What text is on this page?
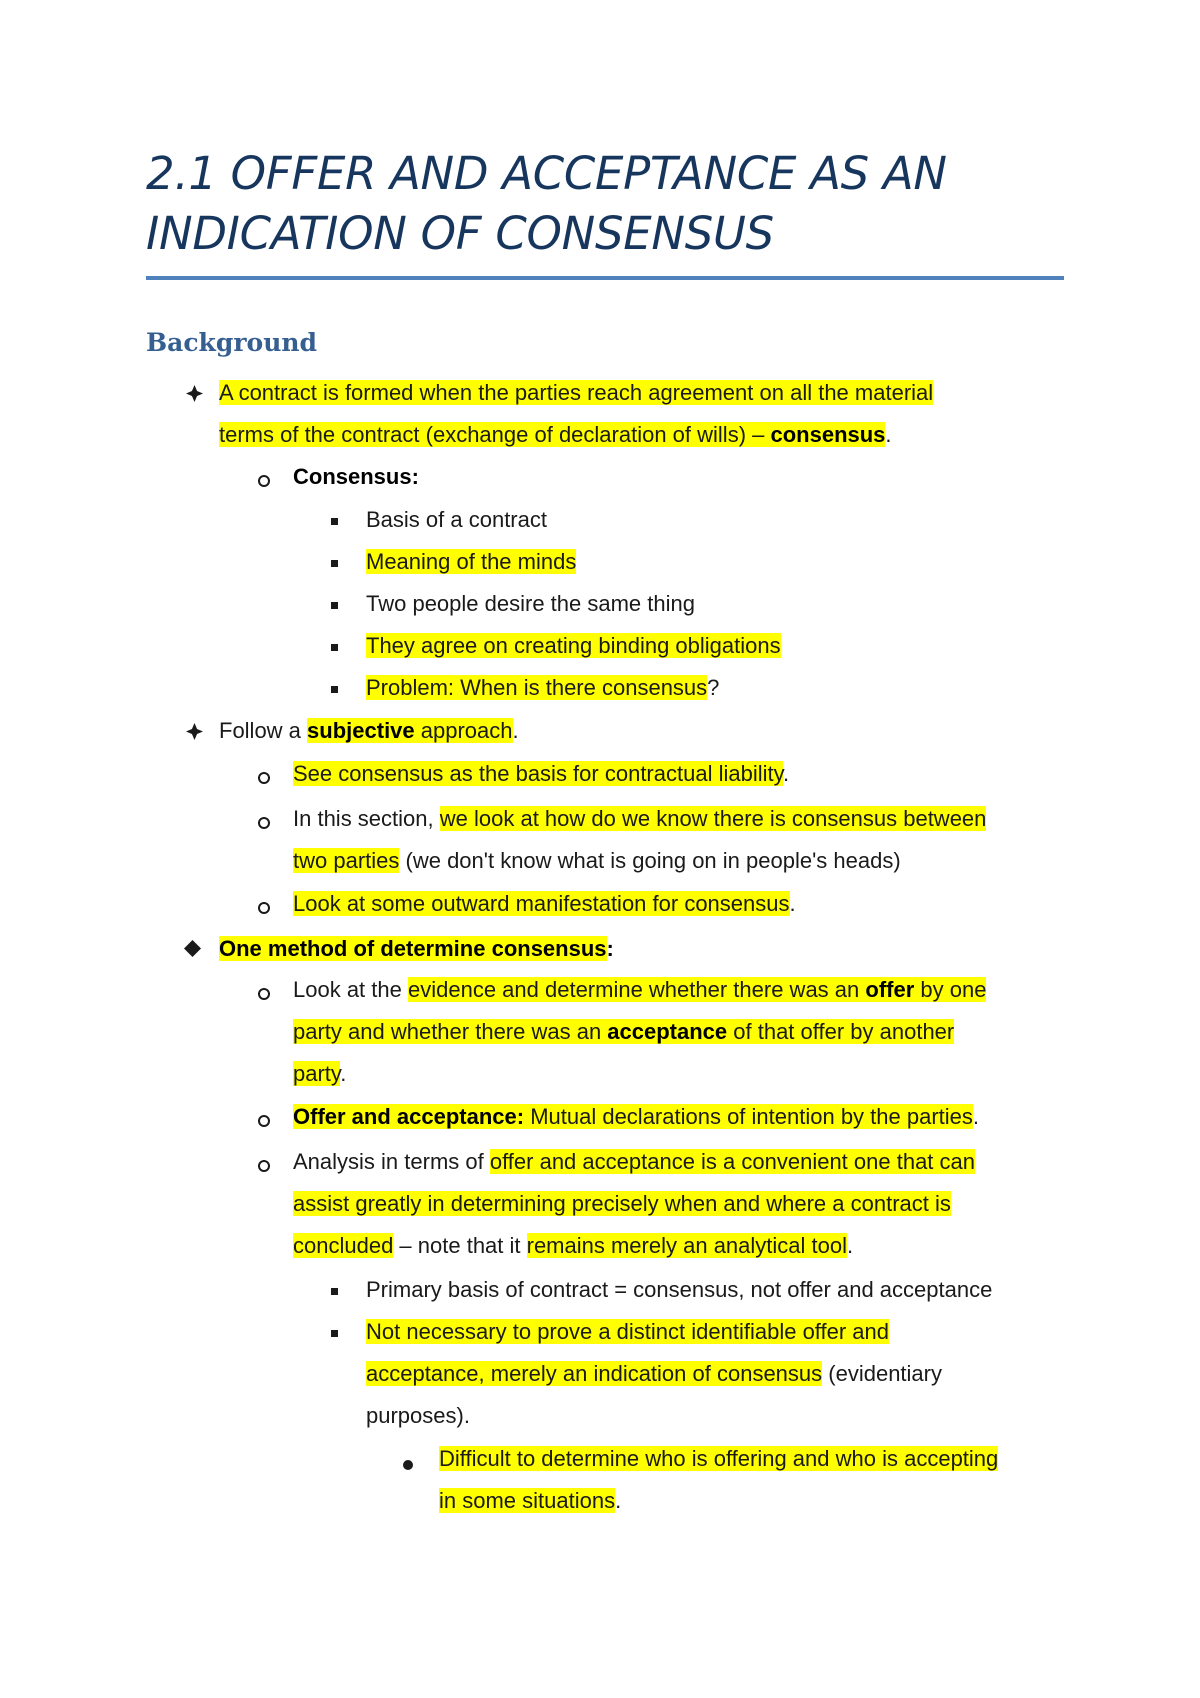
2.1 OFFER AND ACCEPTANCE AS AN INDICATION OF CONSENSUS
Background

A contract is formed when the parties reach agreement on all the material

terms of the contract (exchange of declaration of wills) – consensus.

Consensus:

Basis of a contract

Meaning of the minds

Two people desire the same thing

They agree on creating binding obligations

Problem: When is there consensus?

Follow a subjective approach.

See consensus as the basis for contractual liability.

In this section, we look at how do we know there is consensus between

two parties (we don't know what is going on in people's heads)

Look at some outward manifestation for consensus.

One method of determine consensus:

Look at the evidence and determine whether there was an offer by one

party and whether there was an acceptance of that offer by another

party.

Offer and acceptance: Mutual declarations of intention by the parties.

Analysis in terms of offer and acceptance is a convenient one that can

assist greatly in determining precisely when and where a contract is

concluded – note that it remains merely an analytical tool.

Primary basis of contract = consensus, not offer and acceptance

Not necessary to prove a distinct identifiable offer and

acceptance, merely an indication of consensus (evidentiary

purposes).

Difficult to determine who is offering and who is accepting

in some situations.
